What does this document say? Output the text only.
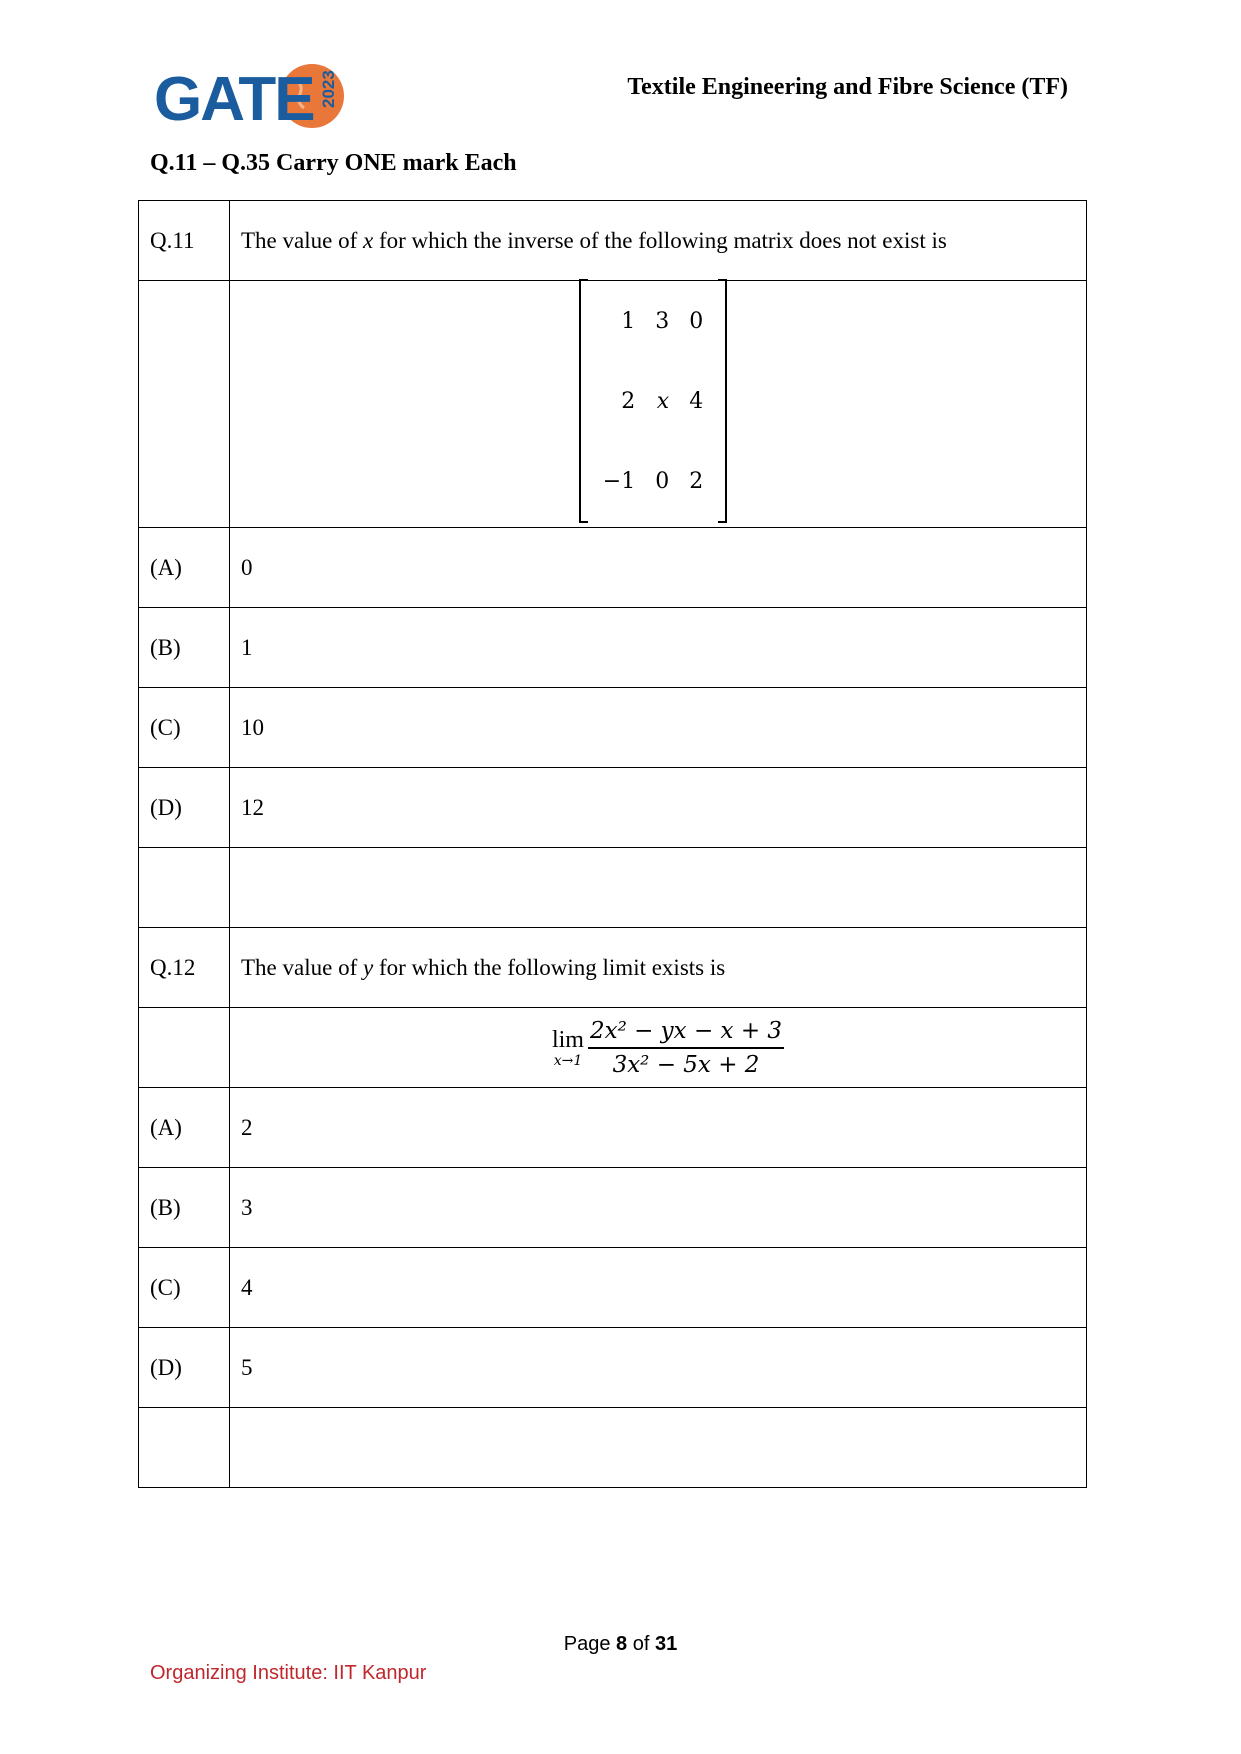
GATE 2023	Textile Engineering and Fibre Science (TF)
Q.11 – Q.35 Carry ONE mark Each
Q.11	The value of x for which the inverse of the following matrix does not exist is

1	3	0
2	x	4
−1	0	2

(A)	0
(B)	1
(C)	10
(D)	12

Q.12	The value of y for which the following limit exists is

lim
$x\to 1 \frac{\text{2x² − yx − x + 3}}{\text{3x² − 5x + 2}}$

(A)	2
(B)	3
(C)	4
(D)	5

Page 8 of 31
Organizing Institute: IIT Kanpur
